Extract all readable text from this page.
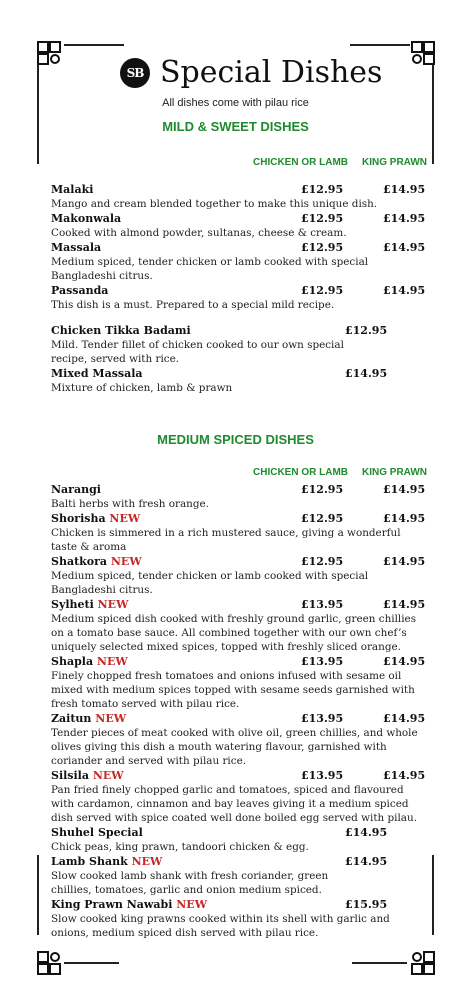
SB Special Dishes
All dishes come with pilau rice
MILD & SWEET DISHES
CHICKEN OR LAMB KING PRAWN
Malaki	£12.95	£14.95
Mango and cream blended together to make this unique dish.
Makonwala	£12.95	£14.95
Cooked with almond powder, sultanas, cheese & cream.
Massala	£12.95	£14.95
Medium spiced, tender chicken or lamb cooked with special Bangladeshi citrus.
Passanda	£12.95	£14.95
This dish is a must. Prepared to a special mild recipe.
Chicken Tikka Badami	£12.95
Mild. Tender fillet of chicken cooked to our own special recipe, served with rice.
Mixed Massala	£14.95
Mixture of chicken, lamb & prawn
MEDIUM SPICED DISHES
CHICKEN OR LAMB KING PRAWN
Narangi	£12.95	£14.95
Balti herbs with fresh orange.
Shorisha NEW	£12.95	£14.95
Chicken is simmered in a rich mustered sauce, giving a wonderful taste & aroma
Shatkora NEW	£12.95	£14.95
Medium spiced, tender chicken or lamb cooked with special Bangladeshi citrus.
Sylheti NEW	£13.95	£14.95
Medium spiced dish cooked with freshly ground garlic, green chillies on a tomato base sauce. All combined together with our own chef’s uniquely selected mixed spices, topped with freshly sliced orange.
Shapla NEW	£13.95	£14.95
Finely chopped fresh tomatoes and onions infused with sesame oil mixed with medium spices topped with sesame seeds garnished with fresh tomato served with pilau rice.
Zaitun NEW	£13.95	£14.95
Tender pieces of meat cooked with olive oil, green chillies, and whole olives giving this dish a mouth watering flavour, garnished with coriander and served with pilau rice.
Silsila NEW	£13.95	£14.95
Pan fried finely chopped garlic and tomatoes, spiced and flavoured with cardamon, cinnamon and bay leaves giving it a medium spiced dish served with spice coated well done boiled egg served with pilau.
Shuhel Special	£14.95
Chick peas, king prawn, tandoori chicken & egg.
Lamb Shank NEW	£14.95
Slow cooked lamb shank with fresh coriander, green chillies, tomatoes, garlic and onion medium spiced.
King Prawn Nawabi NEW	£15.95
Slow cooked king prawns cooked within its shell with garlic and onions, medium spiced dish served with pilau rice.
